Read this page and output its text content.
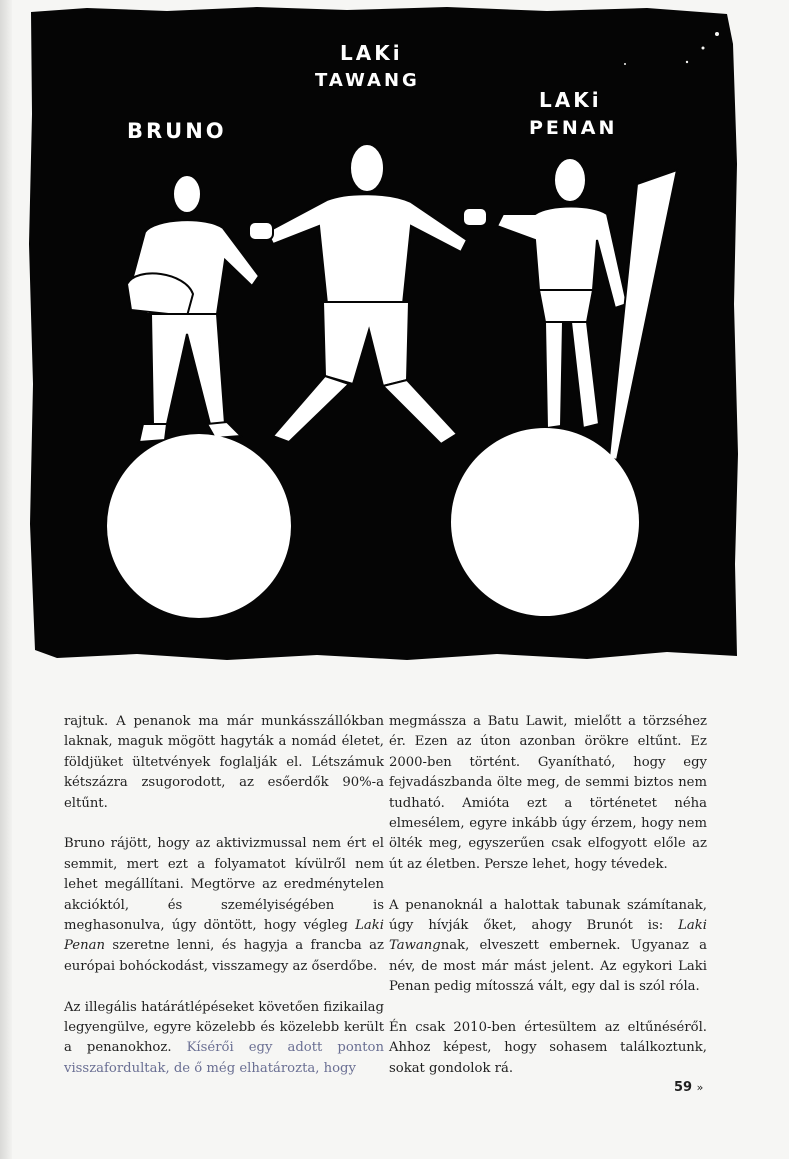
BRUNO
LAKi
TAWANG
LAKi
PENAN

rajtuk. A penanok ma már munkásszállókban laknak, maguk mögött hagyták a nomád életet, földjüket ültetvények foglalják el. Létszámuk kétszázra zsugorodott, az esőerdők 90%-a eltűnt.

Bruno rájött, hogy az aktivizmussal nem ért el semmit, mert ezt a folyamatot kívülről nem lehet megállítani. Megtörve az eredménytelen akcióktól, és személyiségében is meghasonulva, úgy döntött, hogy végleg Laki Penan szeretne lenni, és hagyja a francba az európai bohóckodást, visszamegy az őserdőbe.

Az illegális határátlépéseket követően fizikailag legyengülve, egyre közelebb és közelebb került a penanokhoz. Kísérői egy adott ponton visszafordultak, de ő még elhatározta, hogy

megmássza a Batu Lawit, mielőtt a törzséhez ér. Ezen az úton azonban örökre eltűnt. Ez 2000-ben történt. Gyanítható, hogy egy fejvadászbanda ölte meg, de semmi biztos nem tudható. Amióta ezt a történetet néha elmesélem, egyre inkább úgy érzem, hogy nem ölték meg, egyszerűen csak elfogyott előle az út az életben. Persze lehet, hogy tévedek.

A penanoknál a halottak tabunak számítanak, úgy hívják őket, ahogy Brunót is: Laki Tawangnak, elveszett embernek. Ugyanaz a név, de most már mást jelent. Az egykori Laki Penan pedig mítosszá vált, egy dal is szól róla.

Én csak 2010-ben értesültem az eltűnéséről. Ahhoz képest, hogy sohasem találkoztunk, sokat gondolok rá.

59 »
